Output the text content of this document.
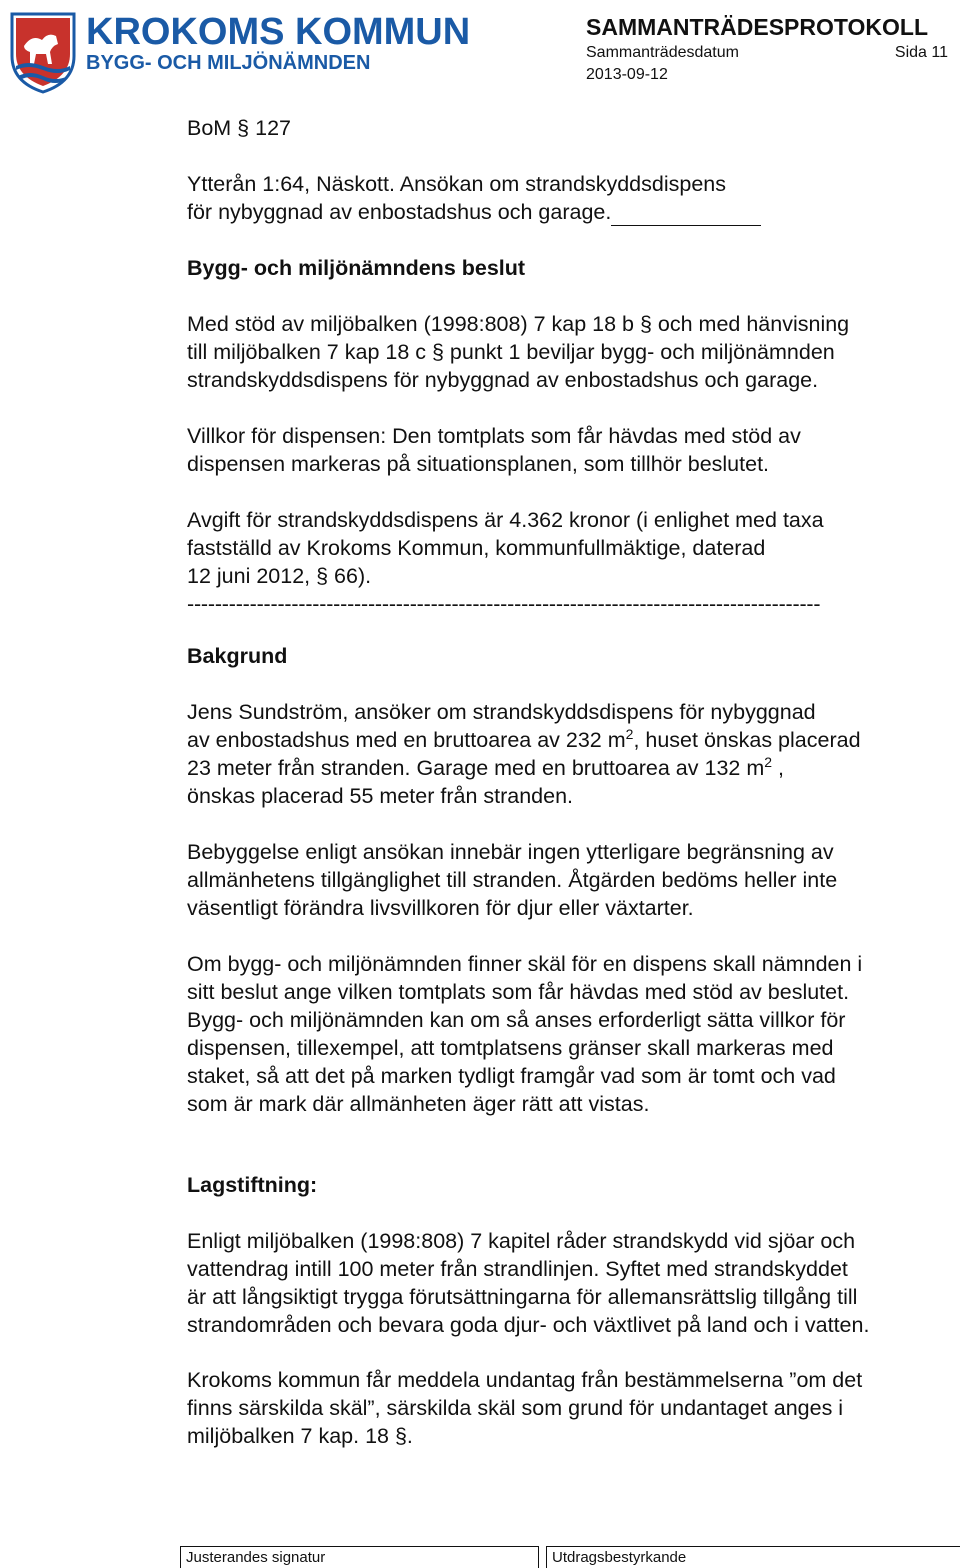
KROKOMS KOMMUN
BYGG- OCH MILJÖNÄMNDEN
SAMMANTRÄDESPROTOKOLL
Sammanträdesdatum	Sida 11
2013-09-12

BoM § 127

Ytterån 1:64, Näskott. Ansökan om strandskyddsdispens

för nybyggnad av enbostadshus och garage.

Bygg- och miljönämndens beslut

Med stöd av miljöbalken (1998:808) 7 kap 18 b § och med hänvisning

till miljöbalken 7 kap 18 c § punkt 1 beviljar bygg- och miljönämnden

strandskyddsdispens för nybyggnad av enbostadshus och garage.

Villkor för dispensen: Den tomtplats som får hävdas med stöd av

dispensen markeras på situationsplanen, som tillhör beslutet.

Avgift för strandskyddsdispens är 4.362 kronor (i enlighet med taxa

fastställd av Krokoms Kommun, kommunfullmäktige, daterad

12 juni 2012, § 66).

-------------------------------------------------------------------------------------------

Bakgrund

Jens Sundström, ansöker om strandskyddsdispens för nybyggnad

av enbostadshus med en bruttoarea av 232 $m^2$, huset önskas placerad

23 meter från stranden. Garage med en bruttoarea av 132 $m^2$ ,

önskas placerad 55 meter från stranden.

Bebyggelse enligt ansökan innebär ingen ytterligare begränsning av

allmänhetens tillgänglighet till stranden. Åtgärden bedöms heller inte

väsentligt förändra livsvillkoren för djur eller växtarter.

Om bygg- och miljönämnden finner skäl för en dispens skall nämnden i

sitt beslut ange vilken tomtplats som får hävdas med stöd av beslutet.

Bygg- och miljönämnden kan om så anses erforderligt sätta villkor för

dispensen, tillexempel, att tomtplatsens gränser skall markeras med

staket, så att det på marken tydligt framgår vad som är tomt och vad

som är mark där allmänheten äger rätt att vistas.

Lagstiftning:

Enligt miljöbalken (1998:808) 7 kapitel råder strandskydd vid sjöar och

vattendrag intill 100 meter från strandlinjen. Syftet med strandskyddet

är att långsiktigt trygga förutsättningarna för allemansrättslig tillgång till

strandområden och bevara goda djur- och växtlivet på land och i vatten.

Krokoms kommun får meddela undantag från bestämmelserna ”om det

finns särskilda skäl”, särskilda skäl som grund för undantaget anges i

miljöbalken 7 kap. 18 §.

Justerandes signatur	Utdragsbestyrkande
